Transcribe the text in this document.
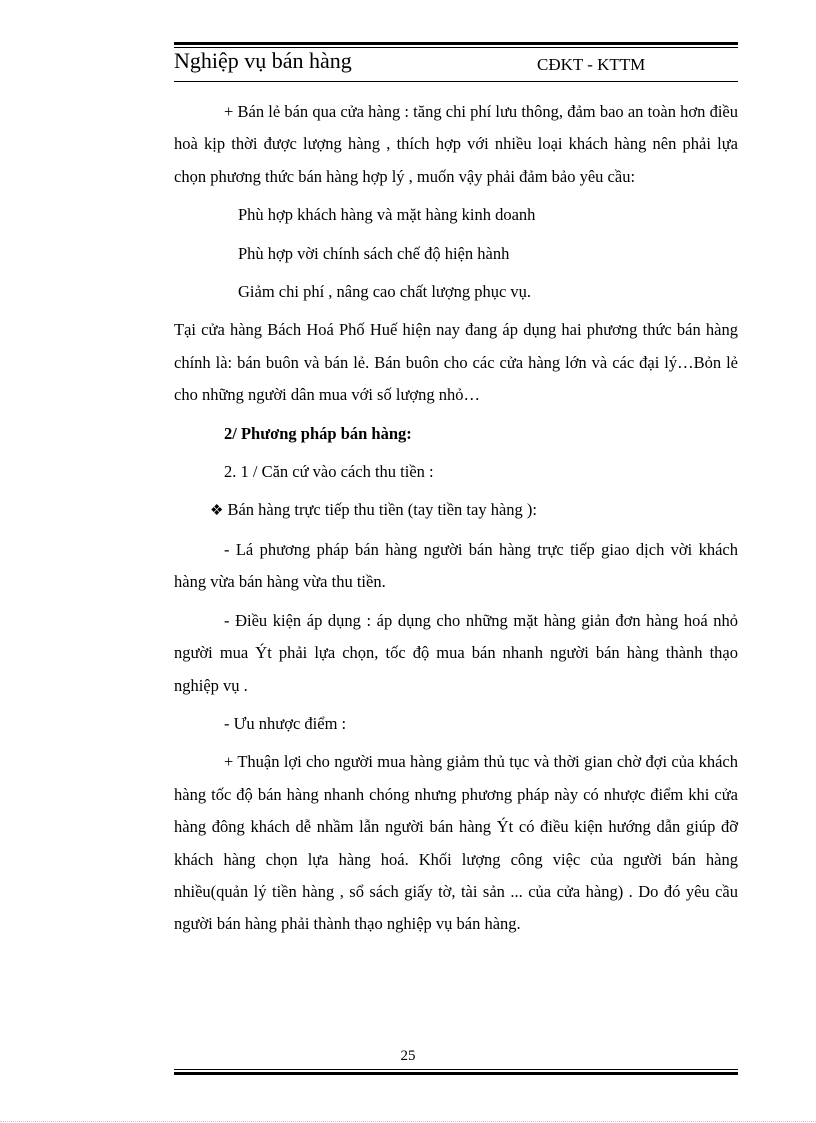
Nghiệp vụ bán hàng	CĐKT - KTTM

+ Bán lẻ bán qua cửa hàng : tăng chi phí lưu thông, đảm bao an toàn hơn điều hoà kịp thời được lượng hàng , thích hợp với nhiều loại khách hàng nên phải lựa chọn phương thức bán hàng hợp lý , muốn vậy phải đảm bảo yêu cầu:

Phù hợp khách hàng và mặt hàng kinh doanh

Phù hợp vời chính sách chế độ hiện hành

Giảm chi phí , nâng cao chất lượng phục vụ.

Tại cửa hàng Bách Hoá Phố Huế hiện nay đang áp dụng hai phương thức bán hàng chính là: bán buôn và bán lẻ. Bán buôn cho các cửa hàng lớn và các đại lý…Bỏn lẻ cho những người dân mua với số lượng nhỏ…

2/ Phương pháp bán hàng:

2. 1 / Căn cứ vào cách thu tiền :

❖ Bán hàng trực tiếp thu tiền (tay tiền tay hàng ):

- Lá phương pháp bán hàng người bán hàng trực tiếp giao dịch vời khách hàng vừa bán hàng vừa thu tiền.

- Điều kiện áp dụng : áp dụng cho những mặt hàng giản đơn hàng hoá nhỏ người mua Ýt phải lựa chọn, tốc độ mua bán nhanh người bán hàng thành thạo nghiệp vụ .

- Ưu nhược điểm :

+ Thuận lợi cho người mua hàng giảm thủ tục và thời gian chờ đợi của khách hàng tốc độ bán hàng nhanh chóng nhưng phương pháp này có nhược điểm khi cửa hàng đông khách dễ nhầm lẫn người bán hàng Ýt có điều kiện hướng dẫn giúp đỡ khách hàng chọn lựa hàng hoá. Khối lượng công việc của người bán hàng nhiều(quản lý tiền hàng , sổ sách giấy tờ, tài sản ... của cửa hàng) . Do đó yêu cầu người bán hàng phải thành thạo nghiệp vụ bán hàng.

25
